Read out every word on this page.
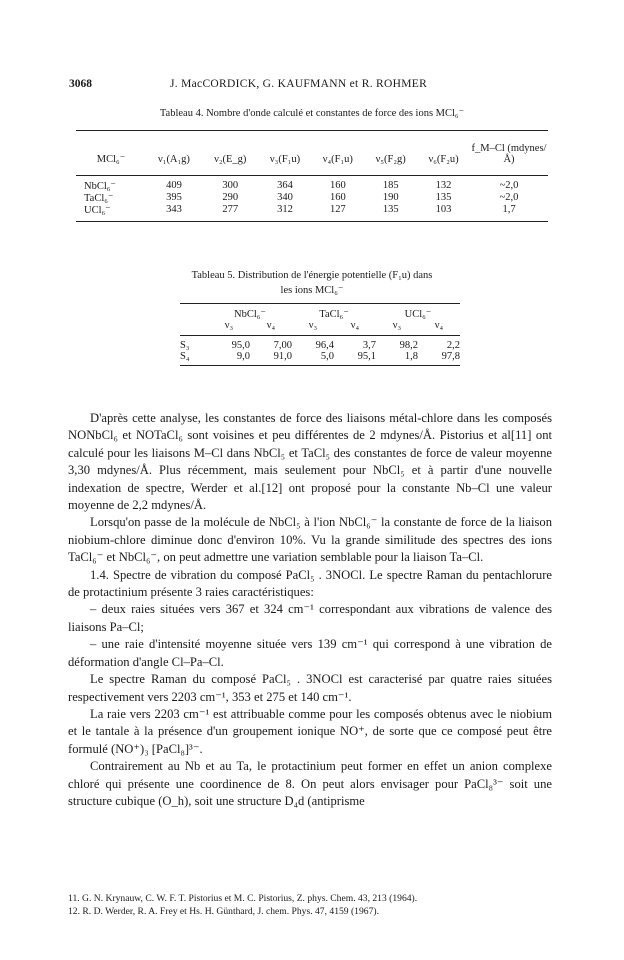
3068	J. MacCORDICK, G. KAUFMANN et R. ROHMER
Tableau 4. Nombre d'onde calculé et constantes de force des ions MCl₆⁻

MCl₆⁻	ν₁(A₁g)	ν₂(E_g)	ν₃(F₁u)	ν₄(F₁u)	ν₅(F₂g)	ν₆(F₂u)	f_M–Cl (mdynes/Å)

NbCl₆⁻	409	300	364	160	185	132	~2,0
TaCl₆⁻	395	290	340	160	190	135	~2,0
UCl₆⁻	343	277	312	127	135	103	1,7

Tableau 5. Distribution de l'énergie potentielle (F₁u) dans
les ions MCl₆⁻

	NbCl₆⁻		TaCl₆⁻		UCl₆⁻	
	ν₃	ν₄	ν₃	ν₄	ν₃	ν₄

S₃	95,0	7,00	96,4	3,7	98,2	2,2
S₄	9,0	91,0	5,0	95,1	1,8	97,8

D'après cette analyse, les constantes de force des liaisons métal-chlore dans les composés NONbCl₆ et NOTaCl₆ sont voisines et peu différentes de 2 mdynes/Å. Pistorius et al[11] ont calculé pour les liaisons M–Cl dans NbCl₅ et TaCl₅ des constantes de force de valeur moyenne 3,30 mdynes/Å. Plus récemment, mais seulement pour NbCl₅ et à partir d'une nouvelle indexation de spectre, Werder et al.[12] ont proposé pour la constante Nb–Cl une valeur moyenne de 2,2 mdynes/Å.

Lorsqu'on passe de la molécule de NbCl₅ à l'ion NbCl₆⁻ la constante de force de la liaison niobium-chlore diminue donc d'environ 10%. Vu la grande similitude des spectres des ions TaCl₆⁻ et NbCl₆⁻, on peut admettre une variation semblable pour la liaison Ta–Cl.

1.4. Spectre de vibration du composé PaCl₅ . 3NOCl. Le spectre Raman du pentachlorure de protactinium présente 3 raies caractéristiques:

– deux raies situées vers 367 et 324 cm⁻¹ correspondant aux vibrations de valence des liaisons Pa–Cl;

– une raie d'intensité moyenne située vers 139 cm⁻¹ qui correspond à une vibration de déformation d'angle Cl–Pa–Cl.

Le spectre Raman du composé PaCl₅ . 3NOCl est caracterisé par quatre raies situées respectivement vers 2203 cm⁻¹, 353 et 275 et 140 cm⁻¹.

La raie vers 2203 cm⁻¹ est attribuable comme pour les composés obtenus avec le niobium et le tantale à la présence d'un groupement ionique NO⁺, de sorte que ce composé peut être formulé (NO⁺)₃ [PaCl₈]³⁻.

Contrairement au Nb et au Ta, le protactinium peut former en effet un anion complexe chloré qui présente une coordinence de 8. On peut alors envisager pour PaCl₈³⁻ soit une structure cubique (O_h), soit une structure D₄d (antiprisme

11. G. N. Krynauw, C. W. F. T. Pistorius et M. C. Pistorius, Z. phys. Chem. 43, 213 (1964).

12. R. D. Werder, R. A. Frey et Hs. H. Günthard, J. chem. Phys. 47, 4159 (1967).
